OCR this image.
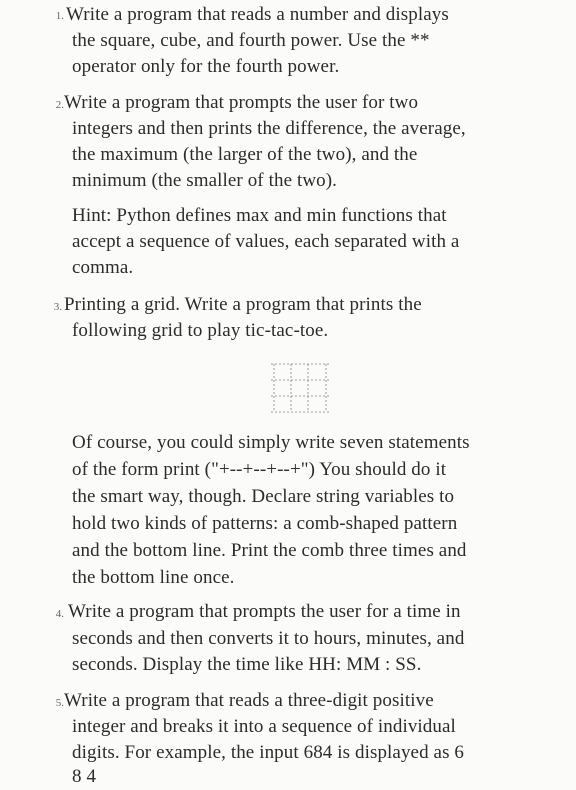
1. Write a program that reads a number and displays
the square, cube, and fourth power. Use the **
operator only for the fourth power.
2. Write a program that prompts the user for two
integers and then prints the difference, the average,
the maximum (the larger of the two), and the
minimum (the smaller of the two).
Hint: Python defines max and min functions that
accept a sequence of values, each separated with a
comma.
3. Printing a grid. Write a program that prints the
following grid to play tic-tac-toe.
Of course, you could simply write seven statements
of the form print ("+--+--+--+") You should do it
the smart way, though. Declare string variables to
hold two kinds of patterns: a comb-shaped pattern
and the bottom line. Print the comb three times and
the bottom line once.
4. Write a program that prompts the user for a time in
seconds and then converts it to hours, minutes, and
seconds. Display the time like HH: MM : SS.
5. Write a program that reads a three-digit positive
integer and breaks it into a sequence of individual
digits. For example, the input 684 is displayed as 6
8 4
